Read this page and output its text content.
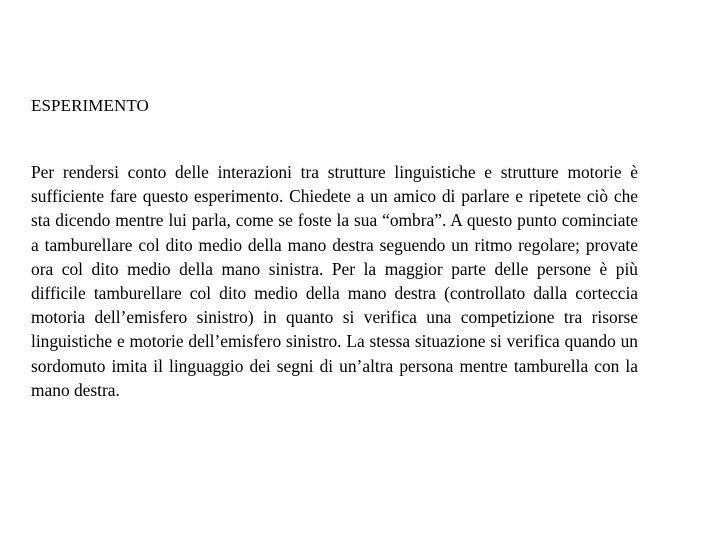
ESPERIMENTO

Per rendersi conto delle interazioni tra strutture linguistiche e strutture motorie è sufficiente fare questo esperimento. Chiedete a un amico di parlare e ripetete ciò che sta dicendo mentre lui parla, come se foste la sua “ombra”. A questo punto cominciate a tamburellare col dito medio della mano destra seguendo un ritmo regolare; provate ora col dito medio della mano sinistra. Per la maggior parte delle persone è più difficile tamburellare col dito medio della mano destra (controllato dalla corteccia motoria dell’emisfero sinistro) in quanto si verifica una competizione tra risorse linguistiche e motorie dell’emisfero sinistro. La stessa situazione si verifica quando un sordomuto imita il linguaggio dei segni di un’altra persona mentre tamburella con la mano destra.
